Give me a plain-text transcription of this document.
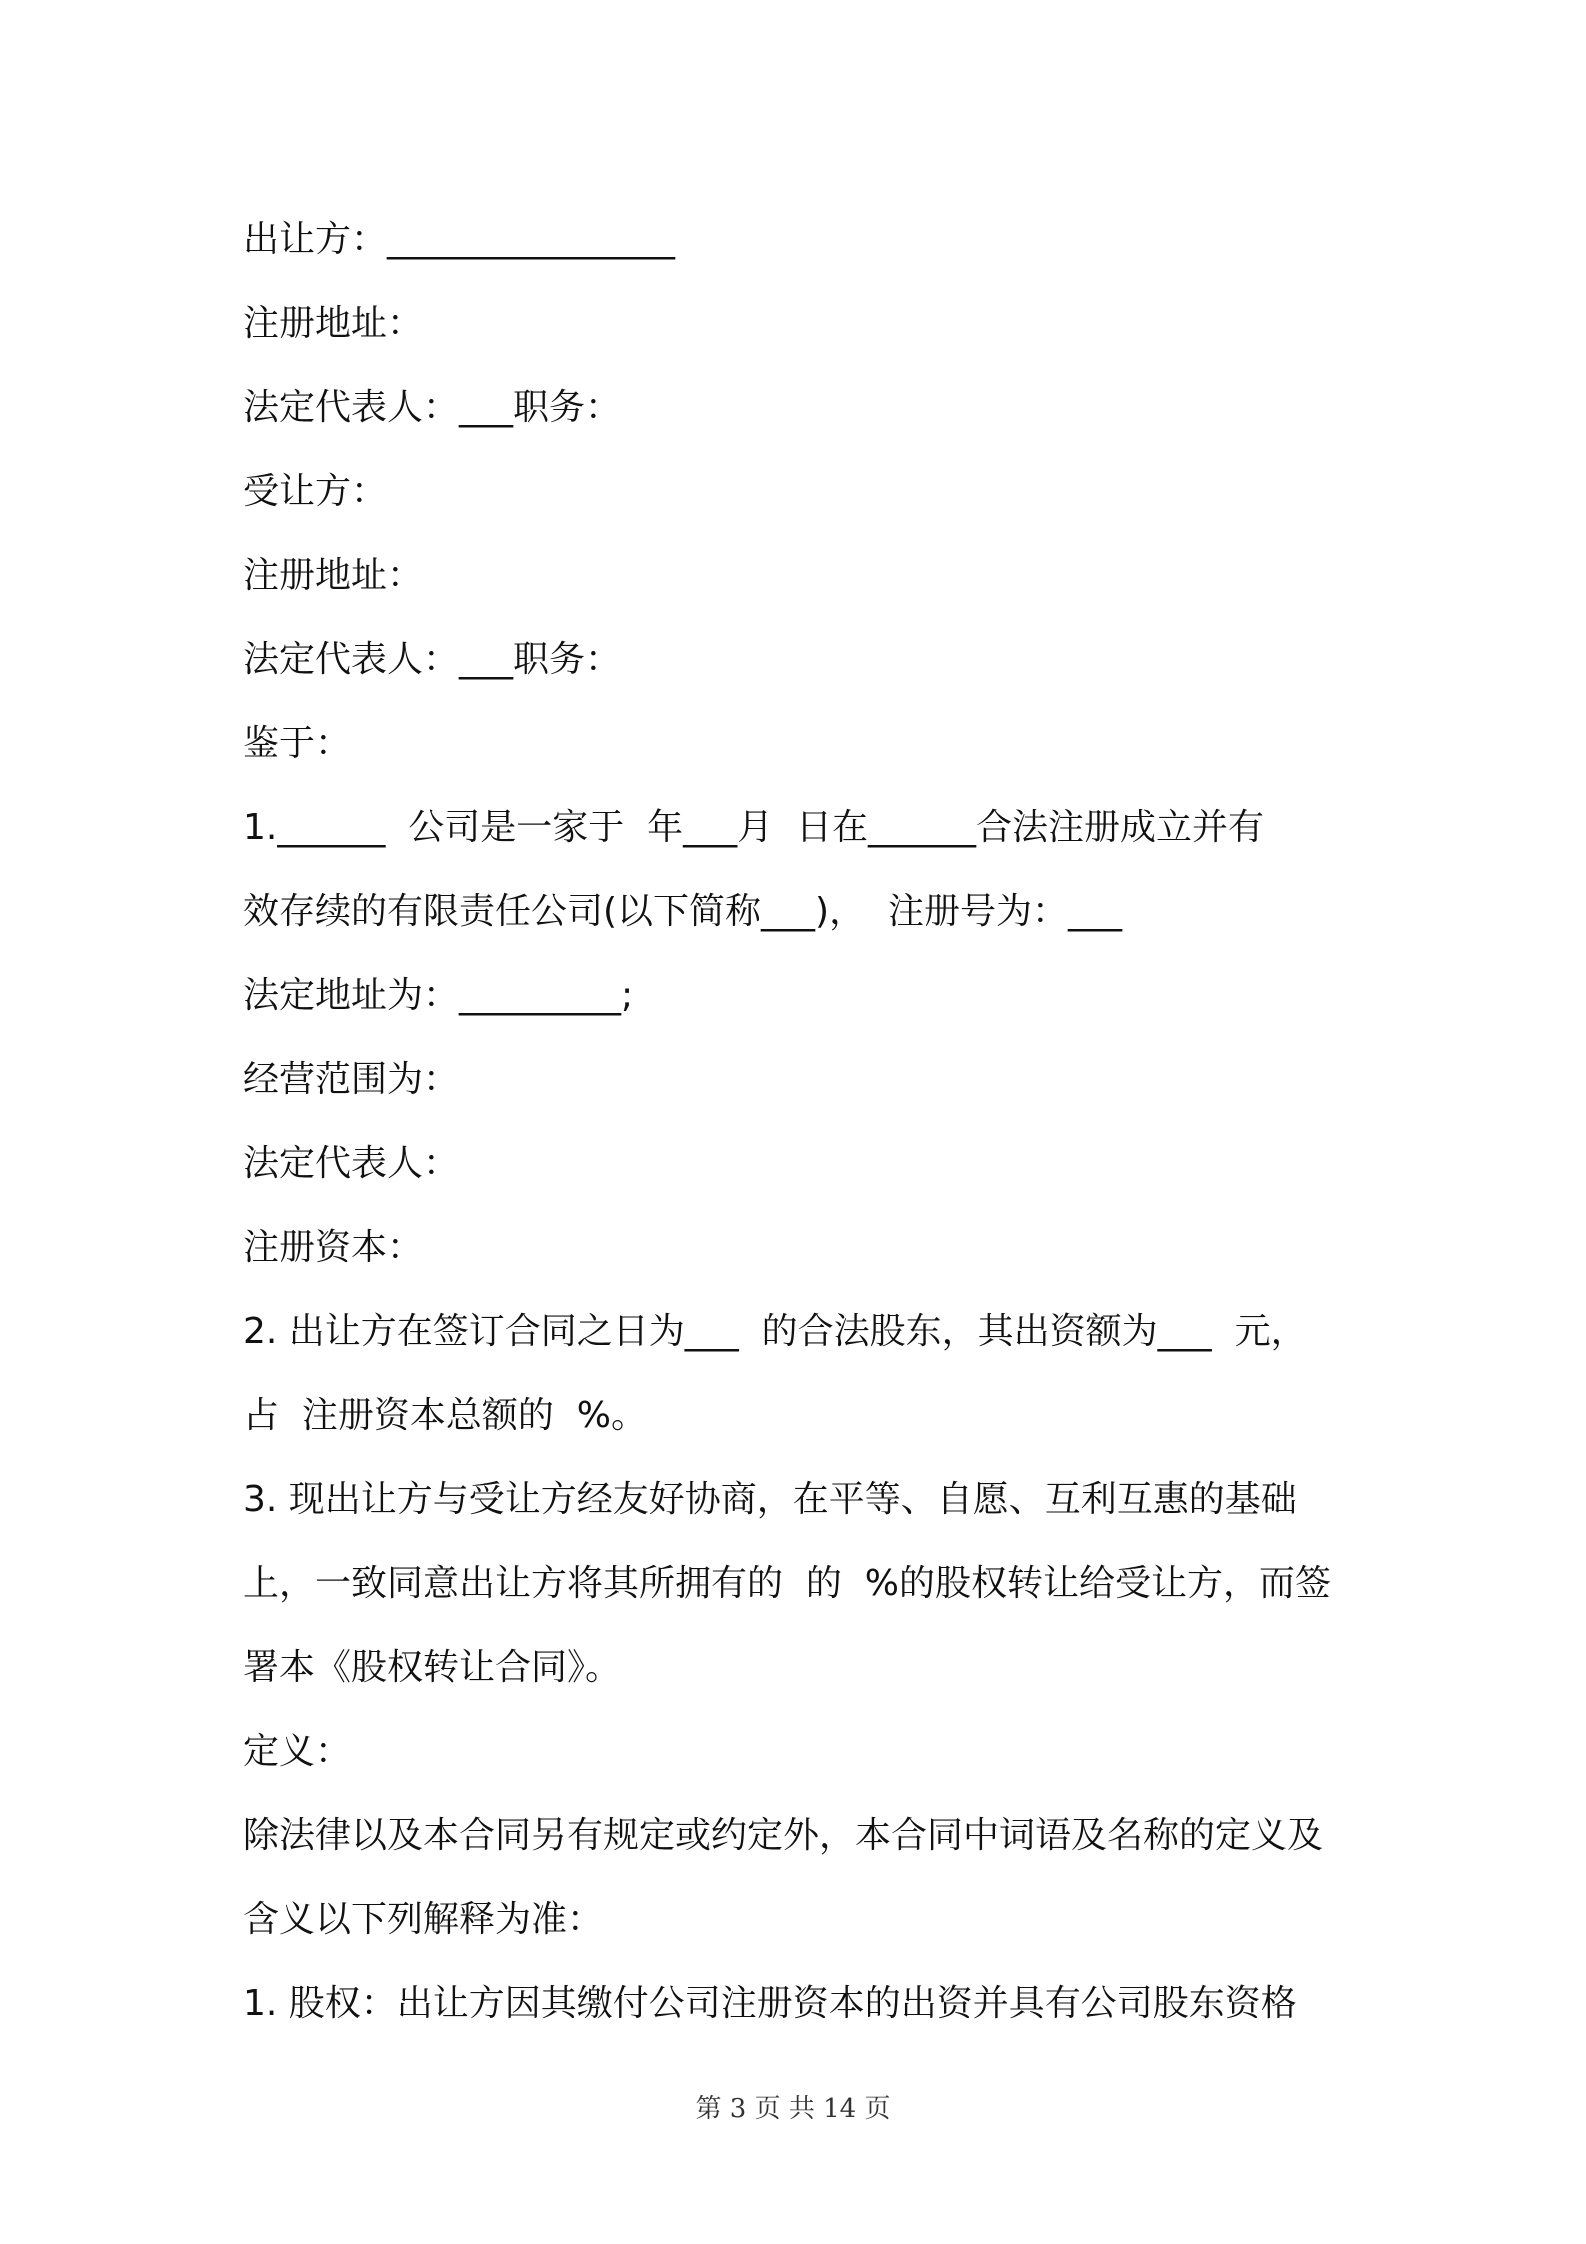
出让方：________________

注册地址：

法定代表人：___职务：

受让方：

注册地址：

法定代表人：___职务：

鉴于：

1.______  公司是一家于  年___月  日在______合法注册成立并有

效存续的有限责任公司(以下简称___)，  注册号为：___

法定地址为：_________;

经营范围为：

法定代表人：

注册资本：

2. 出让方在签订合同之日为___  的合法股东，其出资额为___  元，

占  注册资本总额的  %。

3. 现出让方与受让方经友好协商，在平等、自愿、互利互惠的基础

上，一致同意出让方将其所拥有的  的  %的股权转让给受让方，而签

署本《股权转让合同》。

定义：

除法律以及本合同另有规定或约定外，本合同中词语及名称的定义及

含义以下列解释为准：

1. 股权：出让方因其缴付公司注册资本的出资并具有公司股东资格

第 3 页 共 14 页
